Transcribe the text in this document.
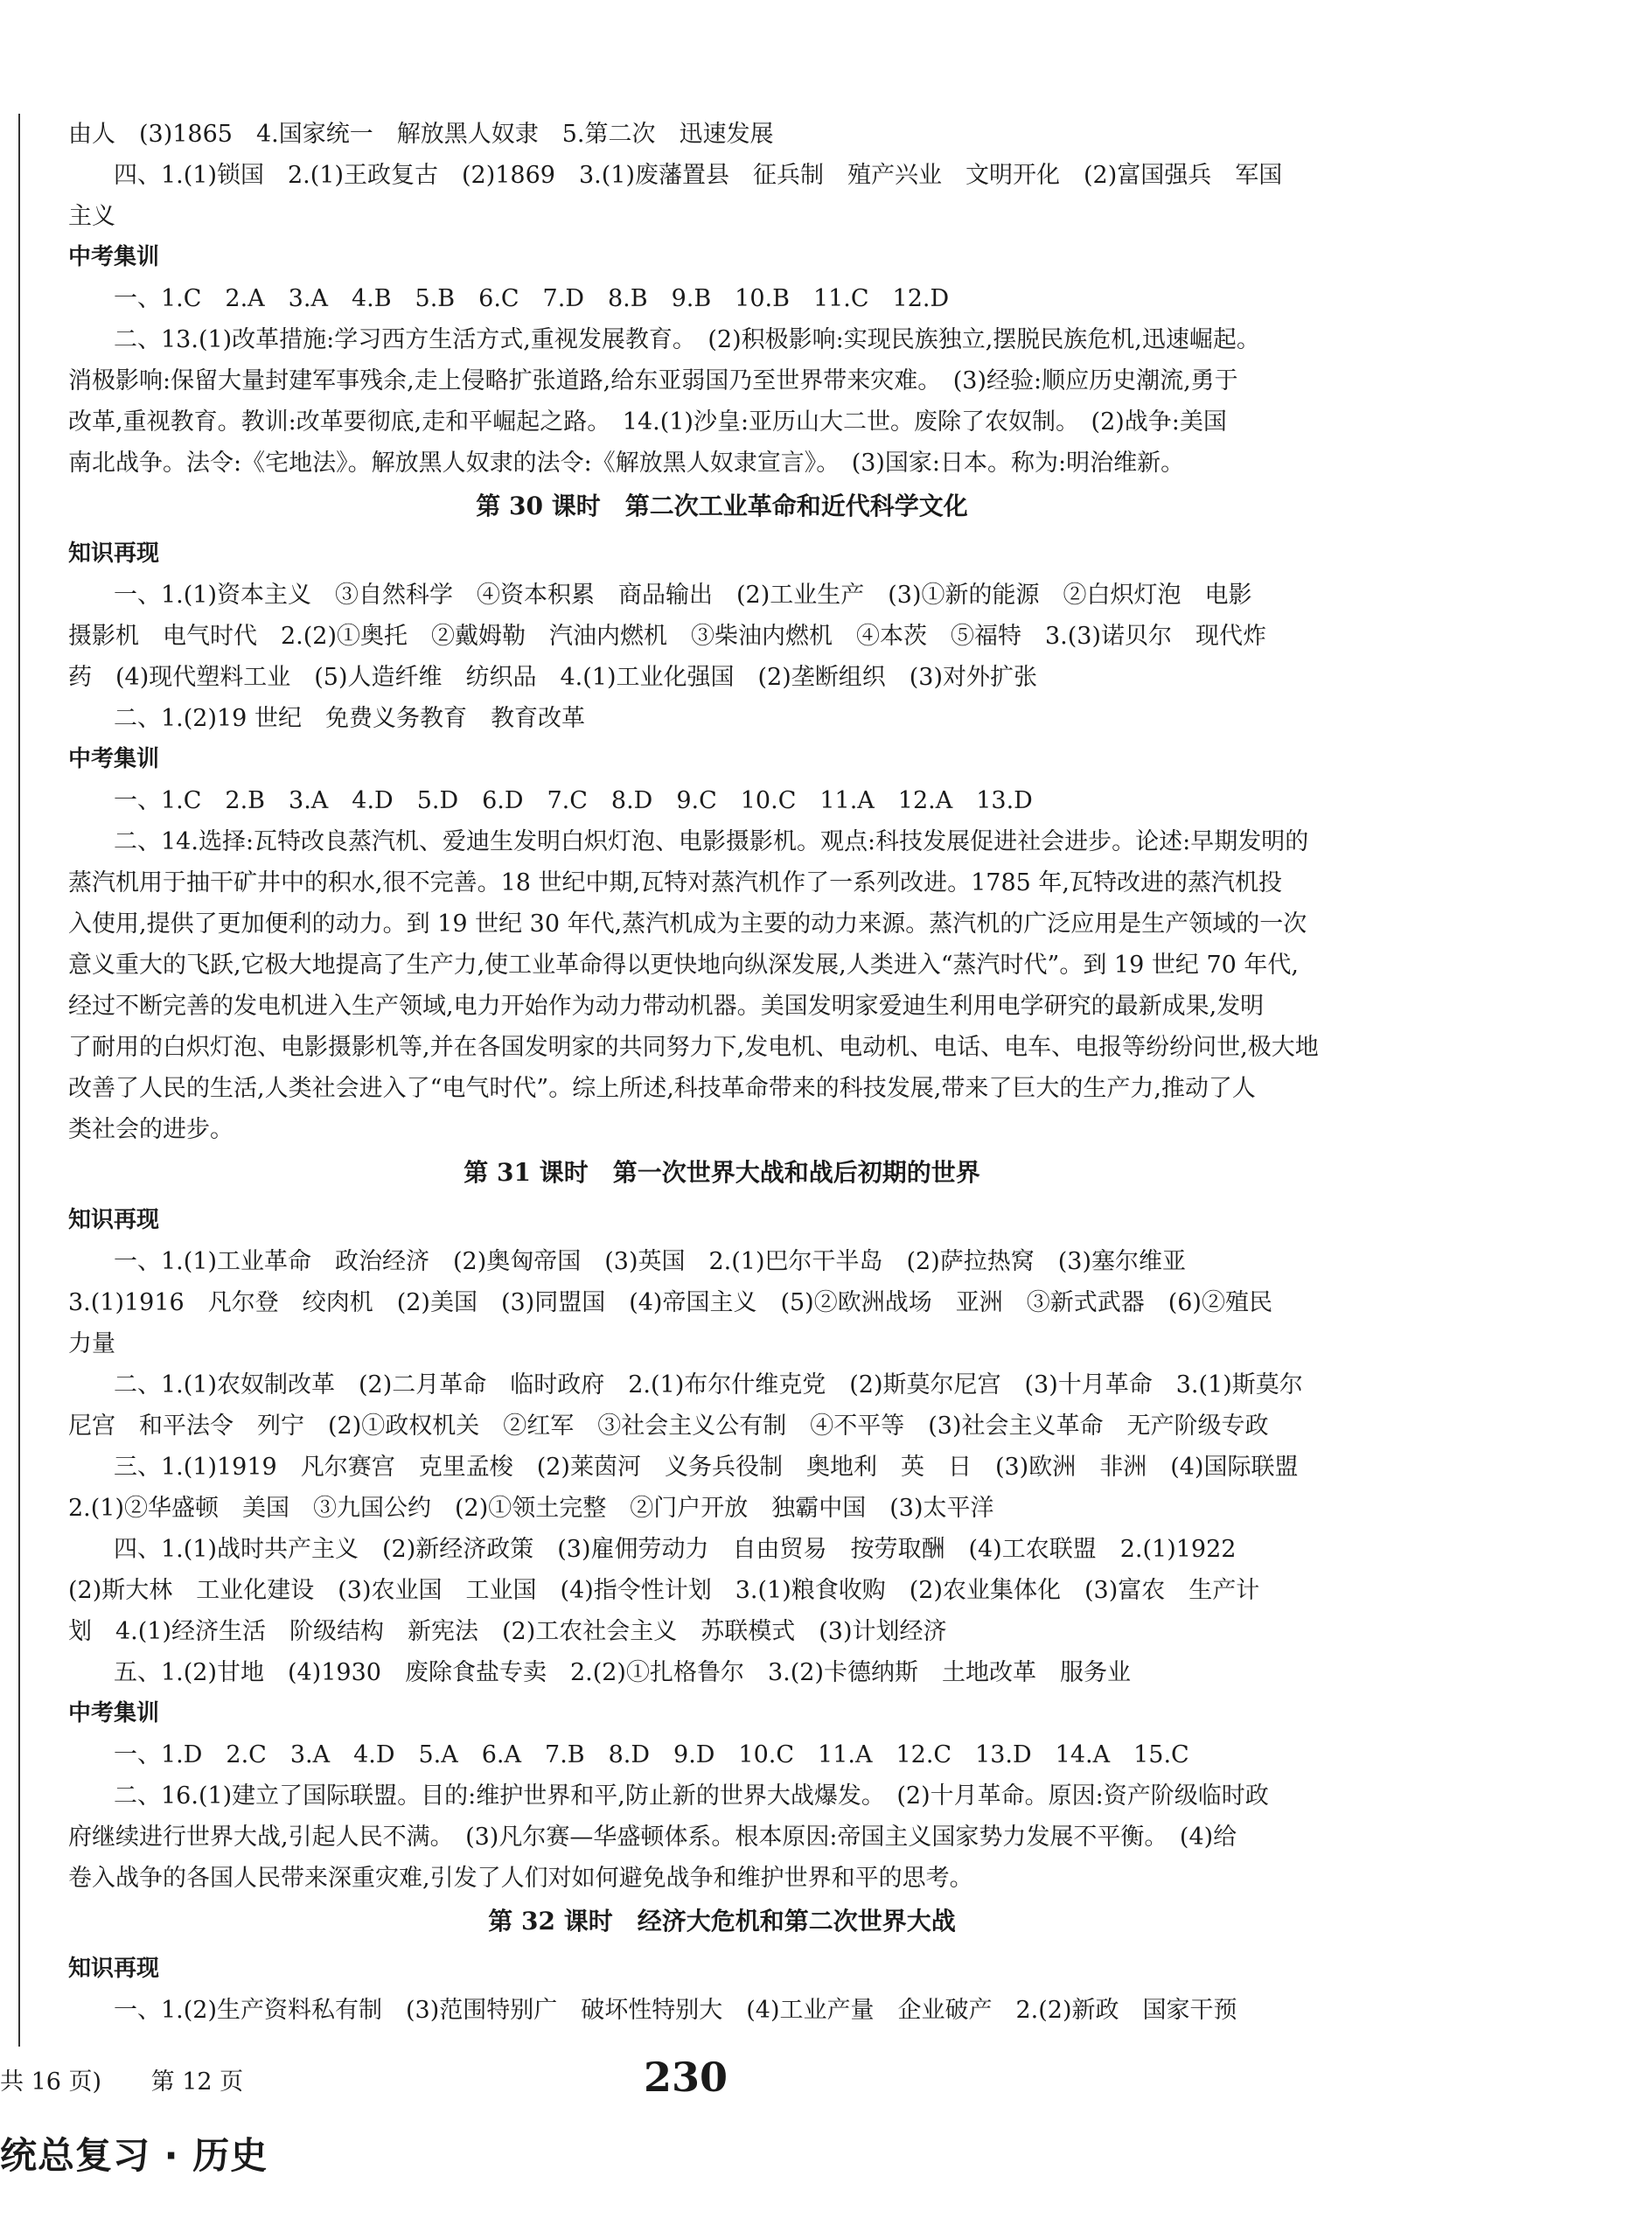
由人　(3)1865　4.国家统一　解放黑人奴隶　5.第二次　迅速发展

四、1.(1)锁国　2.(1)王政复古　(2)1869　3.(1)废藩置县　征兵制　殖产兴业　文明开化　(2)富国强兵　军国

主义

中考集训

一、1.C　2.A　3.A　4.B　5.B　6.C　7.D　8.B　9.B　10.B　11.C　12.D

二、13.(1)改革措施:学习西方生活方式,重视发展教育。　(2)积极影响:实现民族独立,摆脱民族危机,迅速崛起。

消极影响:保留大量封建军事残余,走上侵略扩张道路,给东亚弱国乃至世界带来灾难。　(3)经验:顺应历史潮流,勇于

改革,重视教育。教训:改革要彻底,走和平崛起之路。　14.(1)沙皇:亚历山大二世。废除了农奴制。　(2)战争:美国

南北战争。法令:《宅地法》。解放黑人奴隶的法令:《解放黑人奴隶宣言》。　(3)国家:日本。称为:明治维新。

第 30 课时　第二次工业革命和近代科学文化

知识再现

一、1.(1)资本主义　③自然科学　④资本积累　商品输出　(2)工业生产　(3)①新的能源　②白炽灯泡　电影

摄影机　电气时代　2.(2)①奥托　②戴姆勒　汽油内燃机　③柴油内燃机　④本茨　⑤福特　3.(3)诺贝尔　现代炸

药　(4)现代塑料工业　(5)人造纤维　纺织品　4.(1)工业化强国　(2)垄断组织　(3)对外扩张

二、1.(2)19 世纪　免费义务教育　教育改革

中考集训

一、1.C　2.B　3.A　4.D　5.D　6.D　7.C　8.D　9.C　10.C　11.A　12.A　13.D

二、14.选择:瓦特改良蒸汽机、爱迪生发明白炽灯泡、电影摄影机。观点:科技发展促进社会进步。论述:早期发明的

蒸汽机用于抽干矿井中的积水,很不完善。18 世纪中期,瓦特对蒸汽机作了一系列改进。1785 年,瓦特改进的蒸汽机投

入使用,提供了更加便利的动力。到 19 世纪 30 年代,蒸汽机成为主要的动力来源。蒸汽机的广泛应用是生产领域的一次

意义重大的飞跃,它极大地提高了生产力,使工业革命得以更快地向纵深发展,人类进入“蒸汽时代”。到 19 世纪 70 年代,

经过不断完善的发电机进入生产领域,电力开始作为动力带动机器。美国发明家爱迪生利用电学研究的最新成果,发明

了耐用的白炽灯泡、电影摄影机等,并在各国发明家的共同努力下,发电机、电动机、电话、电车、电报等纷纷问世,极大地

改善了人民的生活,人类社会进入了“电气时代”。综上所述,科技革命带来的科技发展,带来了巨大的生产力,推动了人

类社会的进步。

第 31 课时　第一次世界大战和战后初期的世界

知识再现

一、1.(1)工业革命　政治经济　(2)奥匈帝国　(3)英国　2.(1)巴尔干半岛　(2)萨拉热窝　(3)塞尔维亚

3.(1)1916　凡尔登　绞肉机　(2)美国　(3)同盟国　(4)帝国主义　(5)②欧洲战场　亚洲　③新式武器　(6)②殖民

力量

二、1.(1)农奴制改革　(2)二月革命　临时政府　2.(1)布尔什维克党　(2)斯莫尔尼宫　(3)十月革命　3.(1)斯莫尔

尼宫　和平法令　列宁　(2)①政权机关　②红军　③社会主义公有制　④不平等　(3)社会主义革命　无产阶级专政

三、1.(1)1919　凡尔赛宫　克里孟梭　(2)莱茵河　义务兵役制　奥地利　英　日　(3)欧洲　非洲　(4)国际联盟

2.(1)②华盛顿　美国　③九国公约　(2)①领土完整　②门户开放　独霸中国　(3)太平洋

四、1.(1)战时共产主义　(2)新经济政策　(3)雇佣劳动力　自由贸易　按劳取酬　(4)工农联盟　2.(1)1922

(2)斯大林　工业化建设　(3)农业国　工业国　(4)指令性计划　3.(1)粮食收购　(2)农业集体化　(3)富农　生产计

划　4.(1)经济生活　阶级结构　新宪法　(2)工农社会主义　苏联模式　(3)计划经济

五、1.(2)甘地　(4)1930　废除食盐专卖　2.(2)①扎格鲁尔　3.(2)卡德纳斯　土地改革　服务业

中考集训

一、1.D　2.C　3.A　4.D　5.A　6.A　7.B　8.D　9.D　10.C　11.A　12.C　13.D　14.A　15.C

二、16.(1)建立了国际联盟。目的:维护世界和平,防止新的世界大战爆发。　(2)十月革命。原因:资产阶级临时政

府继续进行世界大战,引起人民不满。　(3)凡尔赛—华盛顿体系。根本原因:帝国主义国家势力发展不平衡。　(4)给

卷入战争的各国人民带来深重灾难,引发了人们对如何避免战争和维护世界和平的思考。

第 32 课时　经济大危机和第二次世界大战

知识再现

一、1.(2)生产资料私有制　(3)范围特别广　破坏性特别大　(4)工业产量　企业破产　2.(2)新政　国家干预

共 16 页) 第 12 页	230
统总复习 · 历史
